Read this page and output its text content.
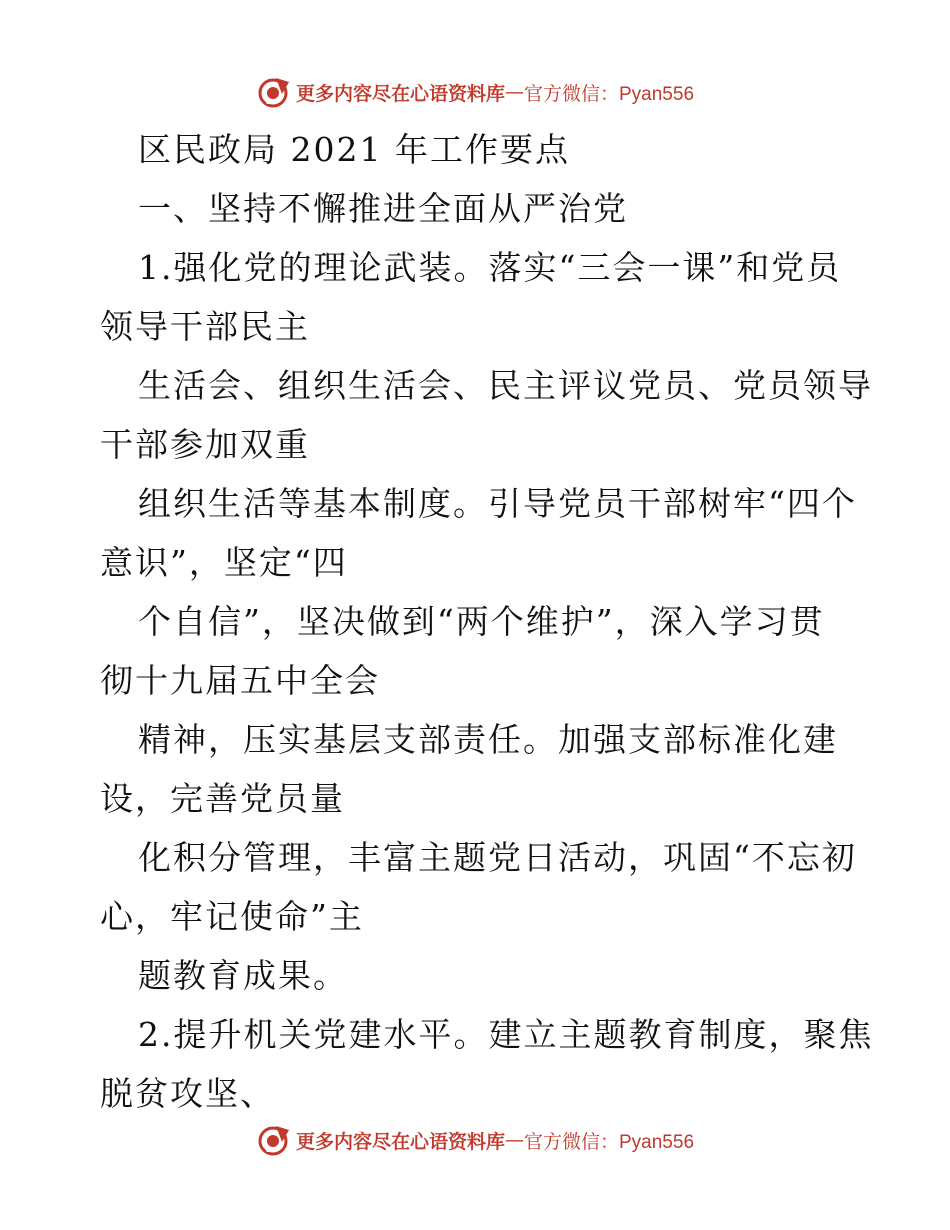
更多内容尽在心语资料库 — 官方微信：Pyan556
区民政局 2021 年工作要点
一、坚持不懈推进全面从严治党
1.强化党的理论武装。落实“三会一课”和党员
领导干部民主
生活会、组织生活会、民主评议党员、党员领导
干部参加双重
组织生活等基本制度。引导党员干部树牢“四个
意识”，坚定“四
个自信”，坚决做到“两个维护”，深入学习贯
彻十九届五中全会
精神，压实基层支部责任。加强支部标准化建
设，完善党员量
化积分管理，丰富主题党日活动，巩固“不忘初
心，牢记使命”主
题教育成果。
2.提升机关党建水平。建立主题教育制度，聚焦
脱贫攻坚、
更多内容尽在心语资料库 — 官方微信：Pyan556
